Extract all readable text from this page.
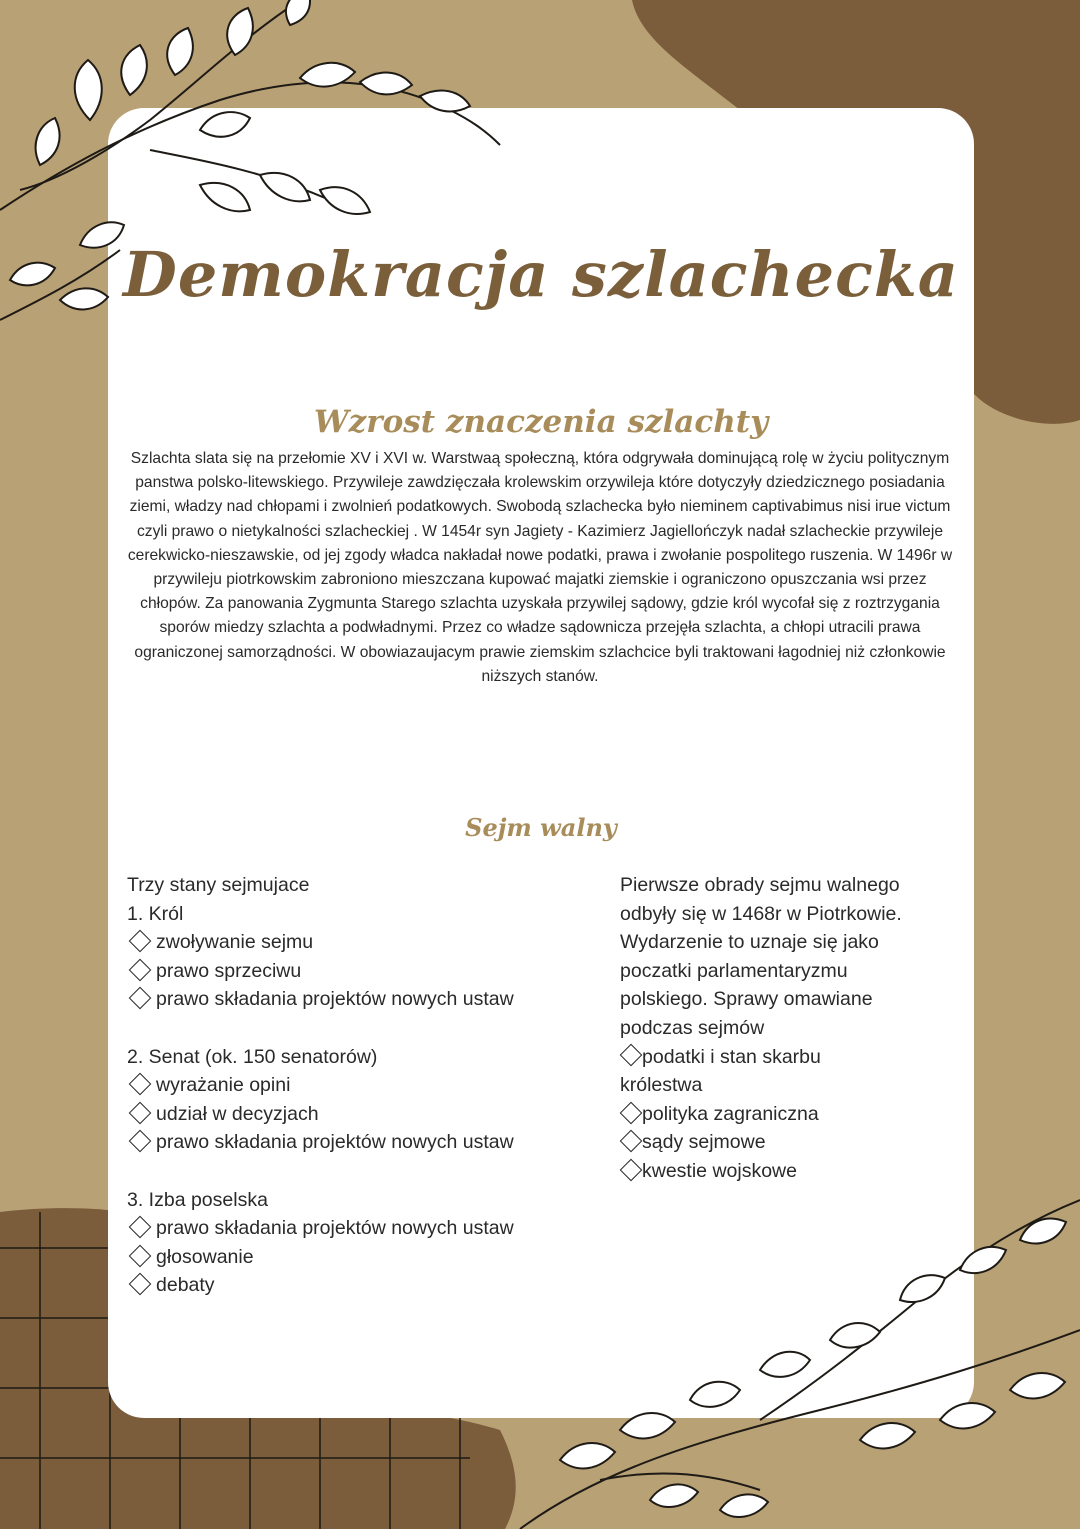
Demokracja szlachecka
Wzrost znaczenia szlachty

Szlachta slata się na przełomie XV i XVI w. Warstwaą społeczną, która odgrywała dominującą rolę w życiu politycznym panstwa polsko-litewskiego. Przywileje zawdzięczała krolewskim orzywileja które dotyczyły dziedzicznego posiadania ziemi, władzy nad chłopami i zwolnień podatkowych. Swobodą szlachecka było nieminem captivabimus nisi irue victum czyli prawo o nietykalności szlacheckiej . W 1454r syn Jagiety - Kazimierz Jagiellończyk nadał szlacheckie przywileje cerekwicko-nieszawskie, od jej zgody władca nakładał nowe podatki, prawa i zwołanie pospolitego ruszenia. W 1496r w przywileju piotrkowskim zabroniono mieszczana kupować majatki ziemskie i ograniczono opuszczania wsi przez chłopów. Za panowania Zygmunta Starego szlachta uzyskała przywilej sądowy, gdzie król wycofał się z roztrzygania sporów miedzy szlachta a podwładnymi. Przez co władze sądownicza przejęła szlachta, a chłopi utracili prawa ograniczonej samorządności. W obowiazaujacym prawie ziemskim szlachcice byli traktowani łagodniej niż członkowie niższych stanów.

Sejm walny
Trzy stany sejmujace
1. Król
zwoływanie sejmu
prawo sprzeciwu
prawo składania projektów nowych ustaw
2. Senat (ok. 150 senatorów)
wyrażanie opini
udział w decyzjach
prawo składania projektów nowych ustaw
3. Izba poselska
prawo składania projektów nowych ustaw
głosowanie
debaty
Pierwsze obrady sejmu walnego
odbyły się w 1468r w Piotrkowie.
Wydarzenie to uznaje się jako
poczatki parlamentaryzmu
polskiego. Sprawy omawiane
podczas sejmów
podatki i stan skarbu
królestwa
polityka zagraniczna
sądy sejmowe
kwestie wojskowe
